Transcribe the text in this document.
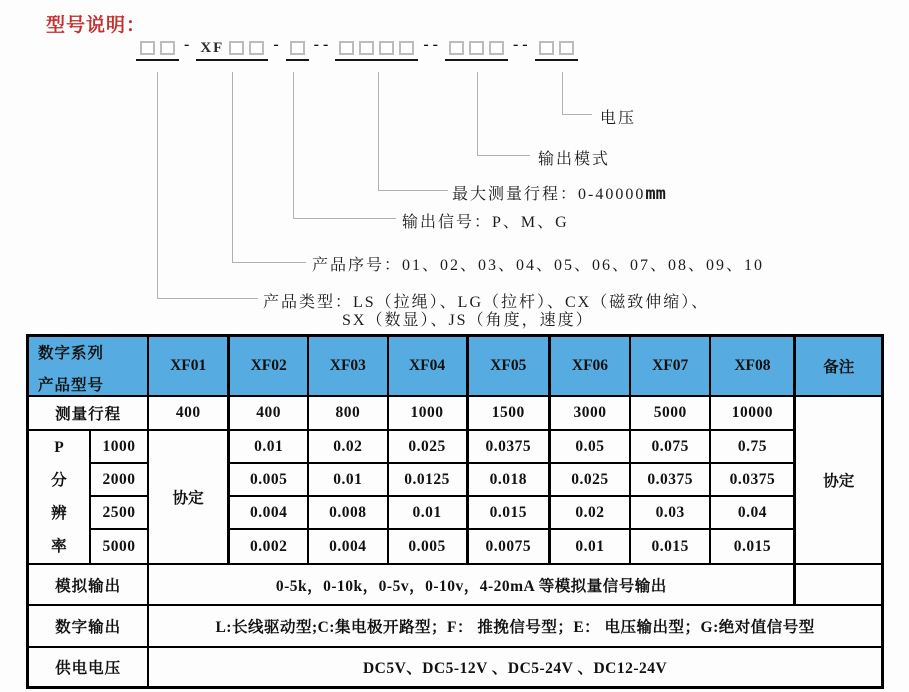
型号说明：
- XF	-	--	--	--
电压
输出模式
最大测量行程：0-40000mm
输出信号：P、M、G
产品序号：01、02、03、04、05、06、07、08、09、10
产品类型：LS（拉绳）、LG（拉杆）、CX（磁致伸缩）、
SX（数显）、JS（角度，速度）
数字系列
产品型号		XF01	XF02	XF03	XF04	XF05	XF06	XF07	XF08	备注
测量行程		400	400	800	1000	1500	3000	5000	10000	协定

P
分
辨
率	1000	协定	0.01	0.02	0.025	0.0375	0.05	0.075	0.75	
	2000		0.005	0.01	0.0125	0.018	0.025	0.0375	0.0375	
	2500		0.004	0.008	0.01	0.015	0.02	0.03	0.04	
	5000		0.002	0.004	0.005	0.0075	0.01	0.015	0.015	
模拟输出		0-5k，0-10k，0-5v，0-10v，4-20mA 等模拟量信号输出								
数字输出		L:长线驱动型;C:集电极开路型；F： 推挽信号型；E： 电压输出型；G:绝对值信号型								
供电电压		DC5V、DC5-12V 、DC5-24V 、DC12-24V								
